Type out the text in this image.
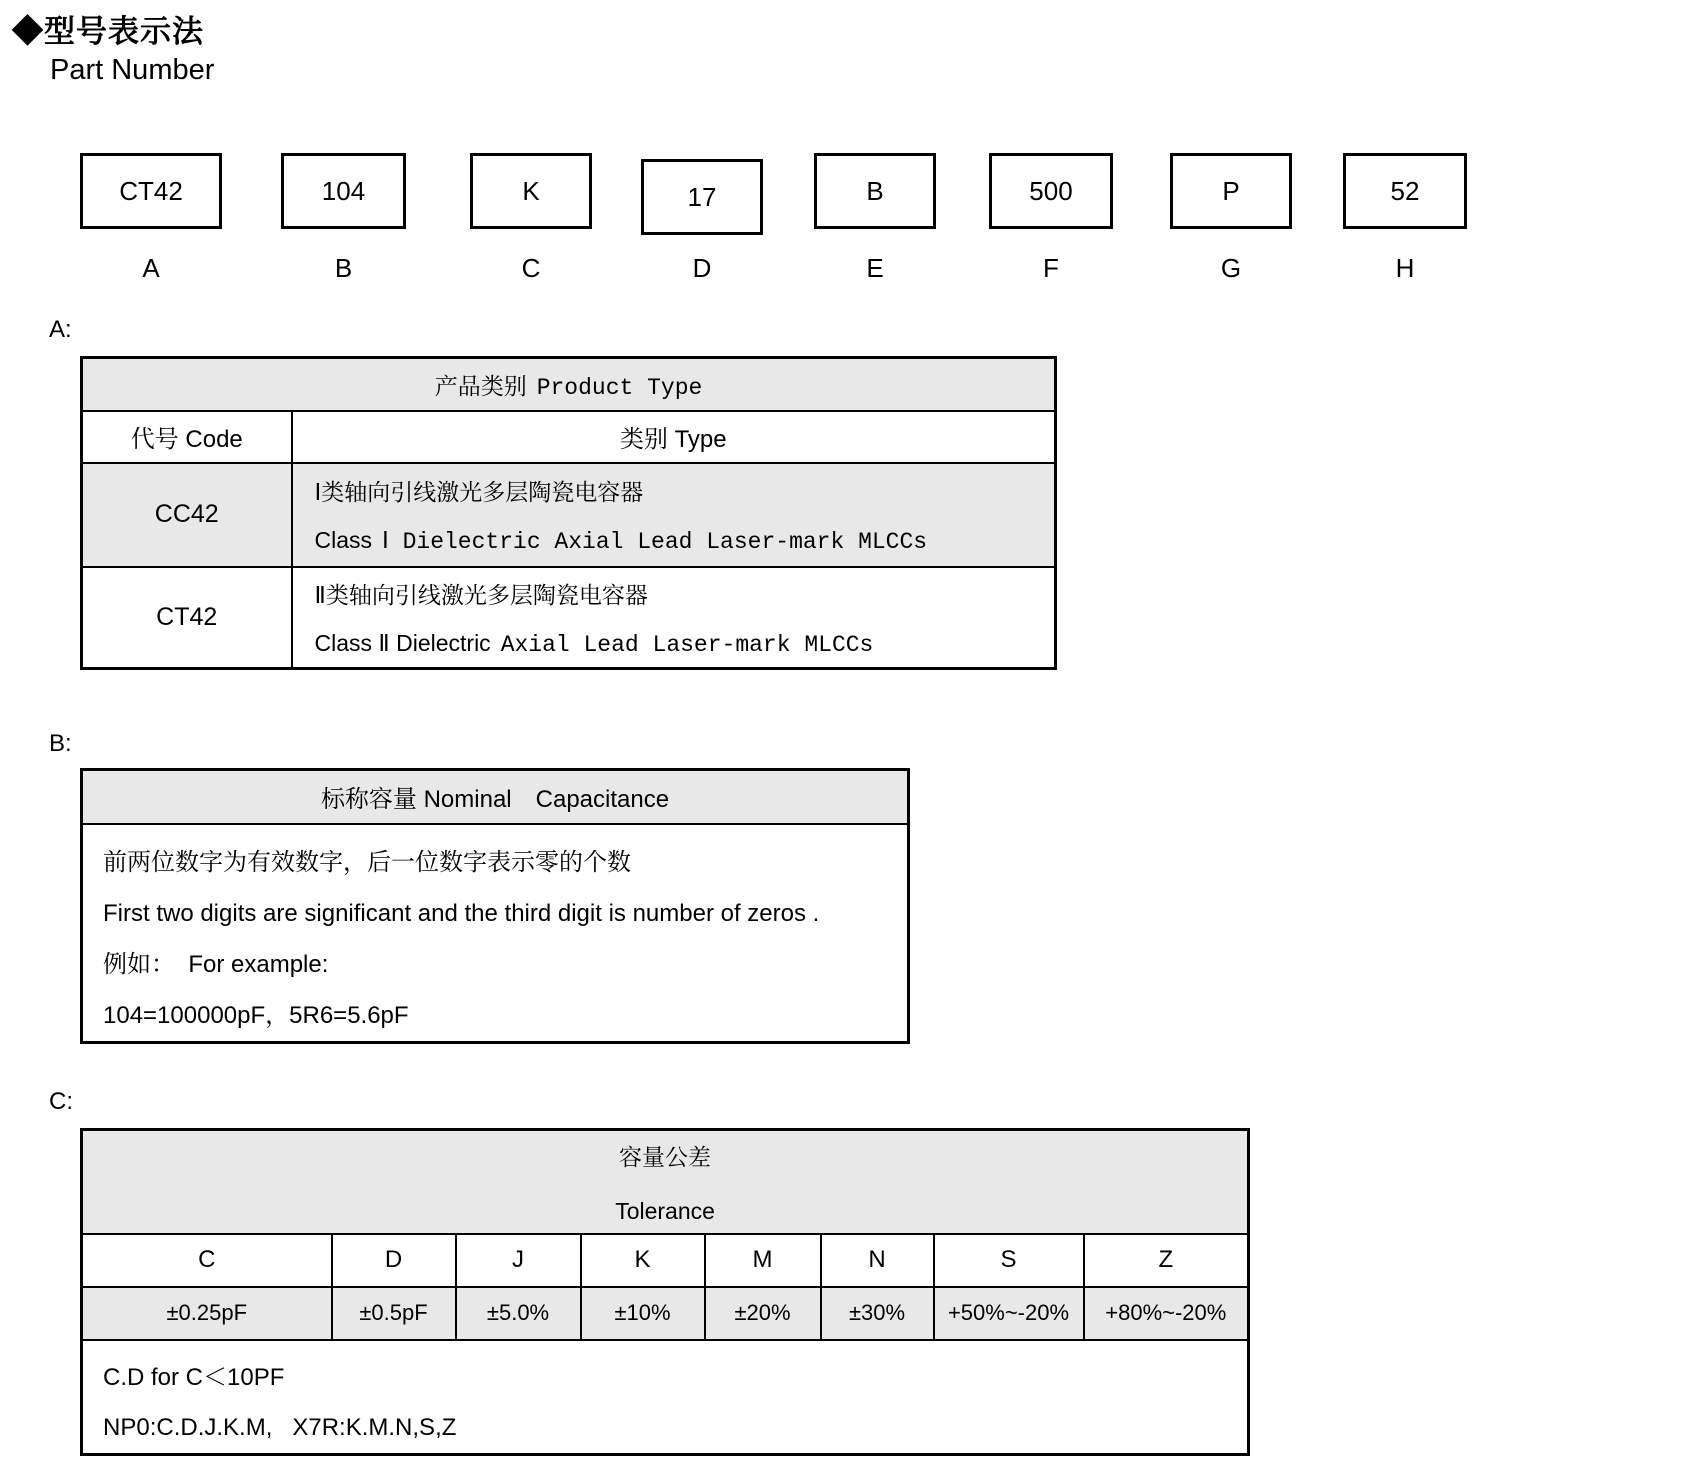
◆型号表示法
Part Number
CT42	104	K	17	B	500	P	52
A	B	C	D	E	F	G	H
A:
产品类别 Product Type	
代号 Code	类别 Type
CC42	Ⅰ类轴向引线激光多层陶瓷电容器
Class Ⅰ Dielectric Axial Lead Laser-mark MLCCs

CT42	Ⅱ类轴向引线激光多层陶瓷电容器
Class Ⅱ Dielectric Axial Lead Laser-mark MLCCs
B:
标称容量 Nominal　Capacitance

前两位数字为有效数字，后一位数字表示零的个数
First two digits are significant and the third digit is number of zeros .
例如：  For example:
104=100000pF，5R6=5.6pF
C:
容量公差
Tolerance							

C	D	J	K	M	N	S	Z
±0.25pF	±0.5pF	±5.0%	±10%	±20%	±30%	+50%~-20%	+80%~-20%

C.D for C＜10PF
NP0:C.D.J.K.M,   X7R:K.M.N,S,Z							
